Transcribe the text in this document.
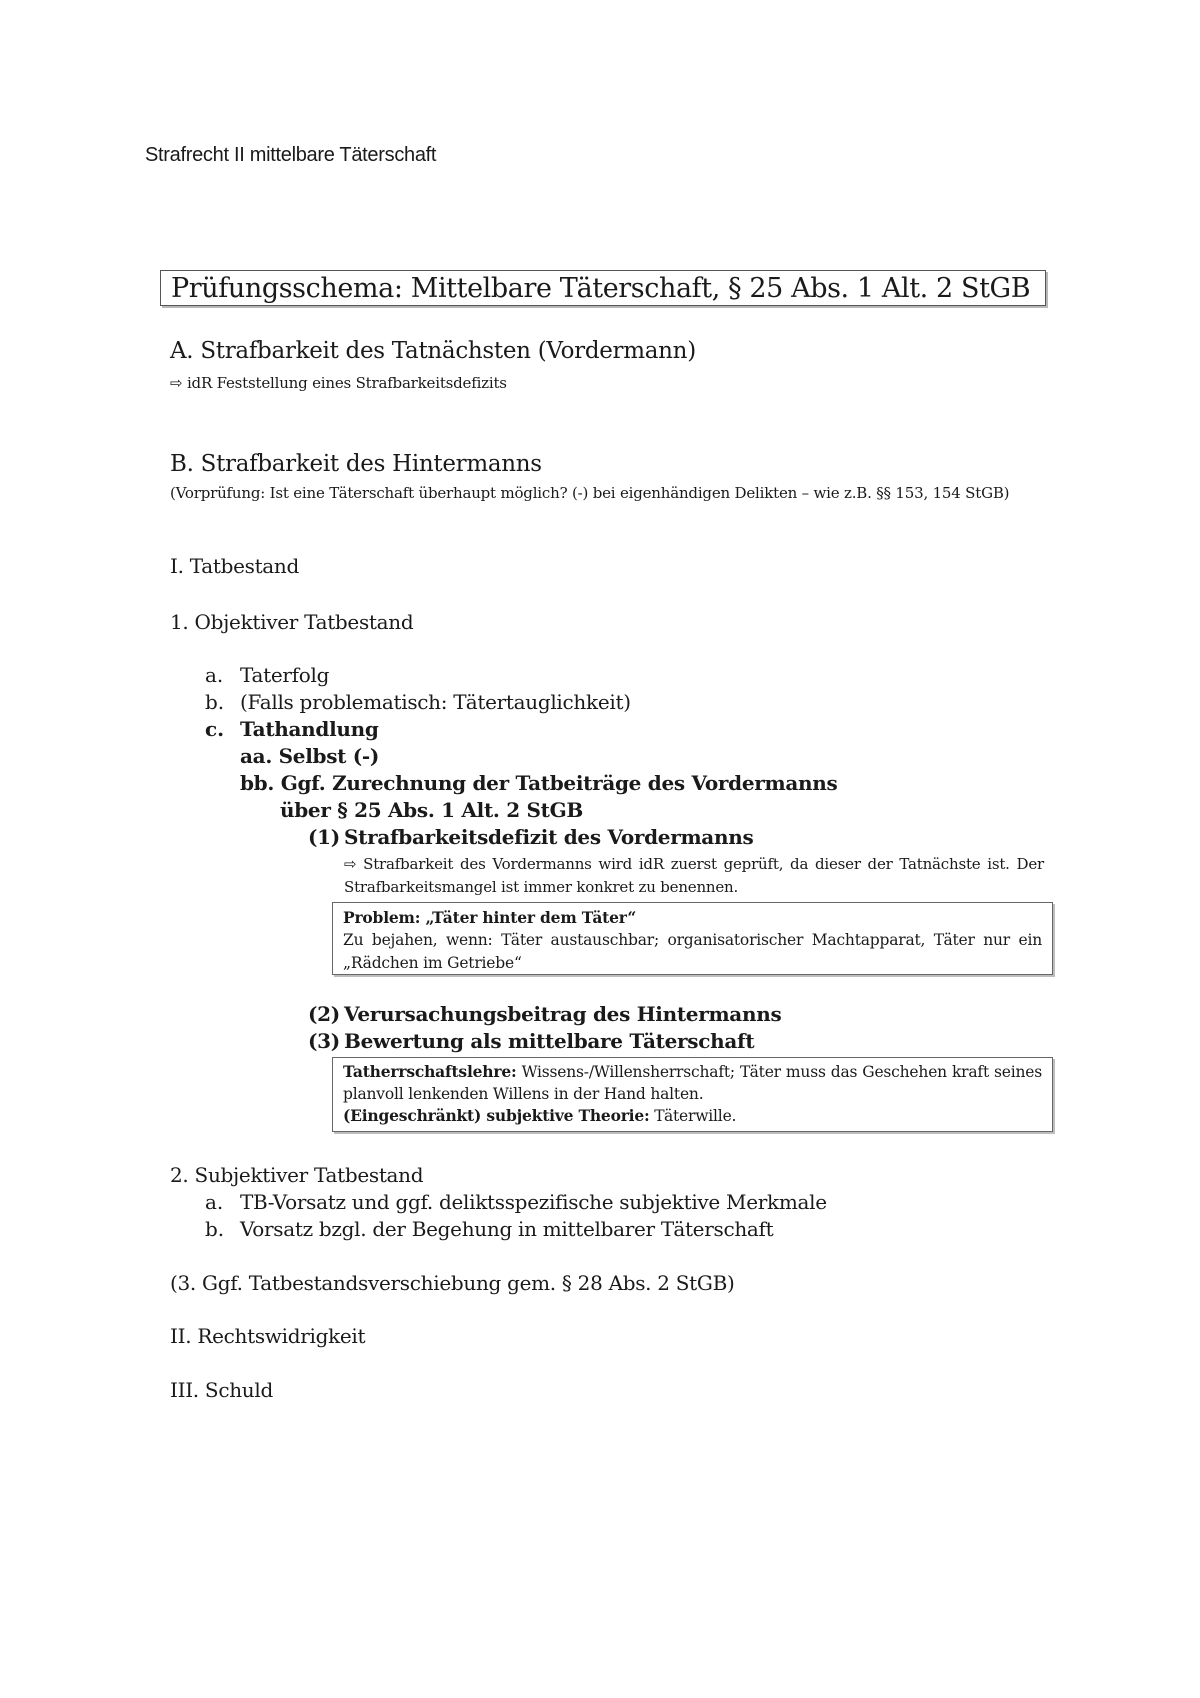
Strafrecht II mittelbare Täterschaft
Prüfungsschema: Mittelbare Täterschaft, § 25 Abs. 1 Alt. 2 StGB
A. Strafbarkeit des Tatnächsten (Vordermann)
⇨ idR Feststellung eines Strafbarkeitsdefizits
B. Strafbarkeit des Hintermanns
(Vorprüfung: Ist eine Täterschaft überhaupt möglich? (-) bei eigenhändigen Delikten – wie z.B. §§ 153, 154 StGB)
I. Tatbestand
1. Objektiver Tatbestand
a. Taterfolg
b. (Falls problematisch: Tätertauglichkeit)
c. Tathandlung
aa. Selbst (-)
bb. Ggf. Zurechnung der Tatbeiträge des Vordermanns
über § 25 Abs. 1 Alt. 2 StGB
(1) Strafbarkeitsdefizit des Vordermanns
⇨ Strafbarkeit des Vordermanns wird idR zuerst geprüft, da dieser der Tatnächste ist. Der Strafbarkeitsmangel ist immer konkret zu benennen.
Problem: „Täter hinter dem Täter“
Zu bejahen, wenn: Täter austauschbar; organisatorischer Machtapparat, Täter nur ein „Rädchen im Getriebe“
(2) Verursachungsbeitrag des Hintermanns
(3) Bewertung als mittelbare Täterschaft
Tatherrschaftslehre: Wissens-/Willensherrschaft; Täter muss das Geschehen kraft seines planvoll lenkenden Willens in der Hand halten.
(Eingeschränkt) subjektive Theorie: Täterwille.
2. Subjektiver Tatbestand
a. TB-Vorsatz und ggf. deliktsspezifische subjektive Merkmale
b. Vorsatz bzgl. der Begehung in mittelbarer Täterschaft
(3. Ggf. Tatbestandsverschiebung gem. § 28 Abs. 2 StGB)
II. Rechtswidrigkeit
III. Schuld
